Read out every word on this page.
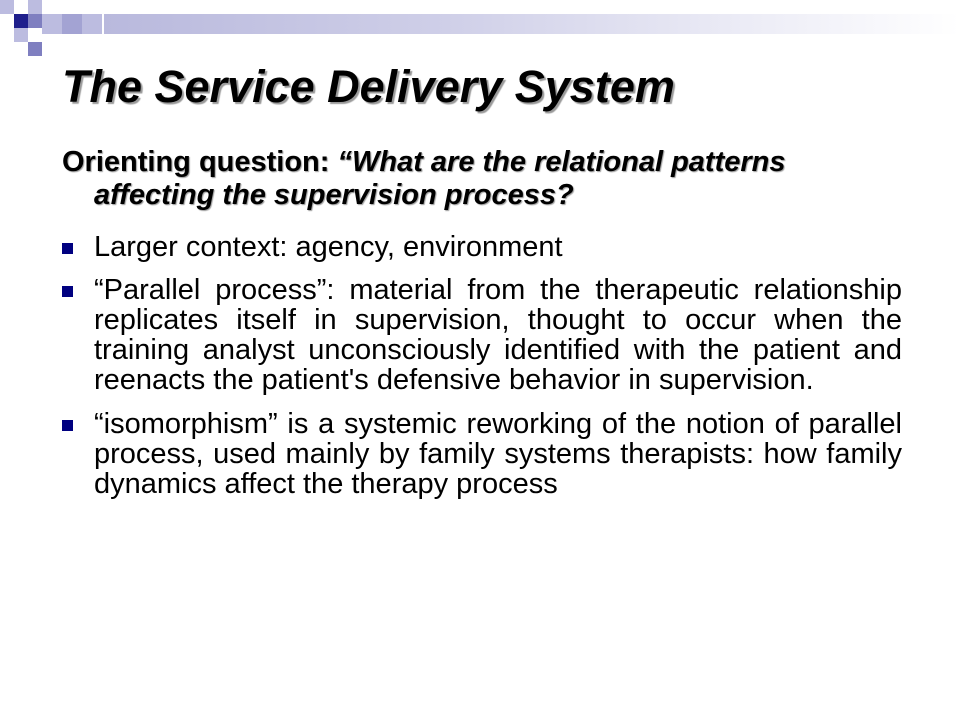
The Service Delivery System
Orienting question: “What are the relational patterns affecting the supervision process?
Larger context: agency, environment
“Parallel process”: material from the therapeutic relationship replicates itself in supervision, thought to occur when the training analyst unconsciously identified with the patient and reenacts the patient's defensive behavior in supervision.
“isomorphism” is a systemic reworking of the notion of parallel process, used mainly by family systems therapists: how family dynamics affect the therapy process
